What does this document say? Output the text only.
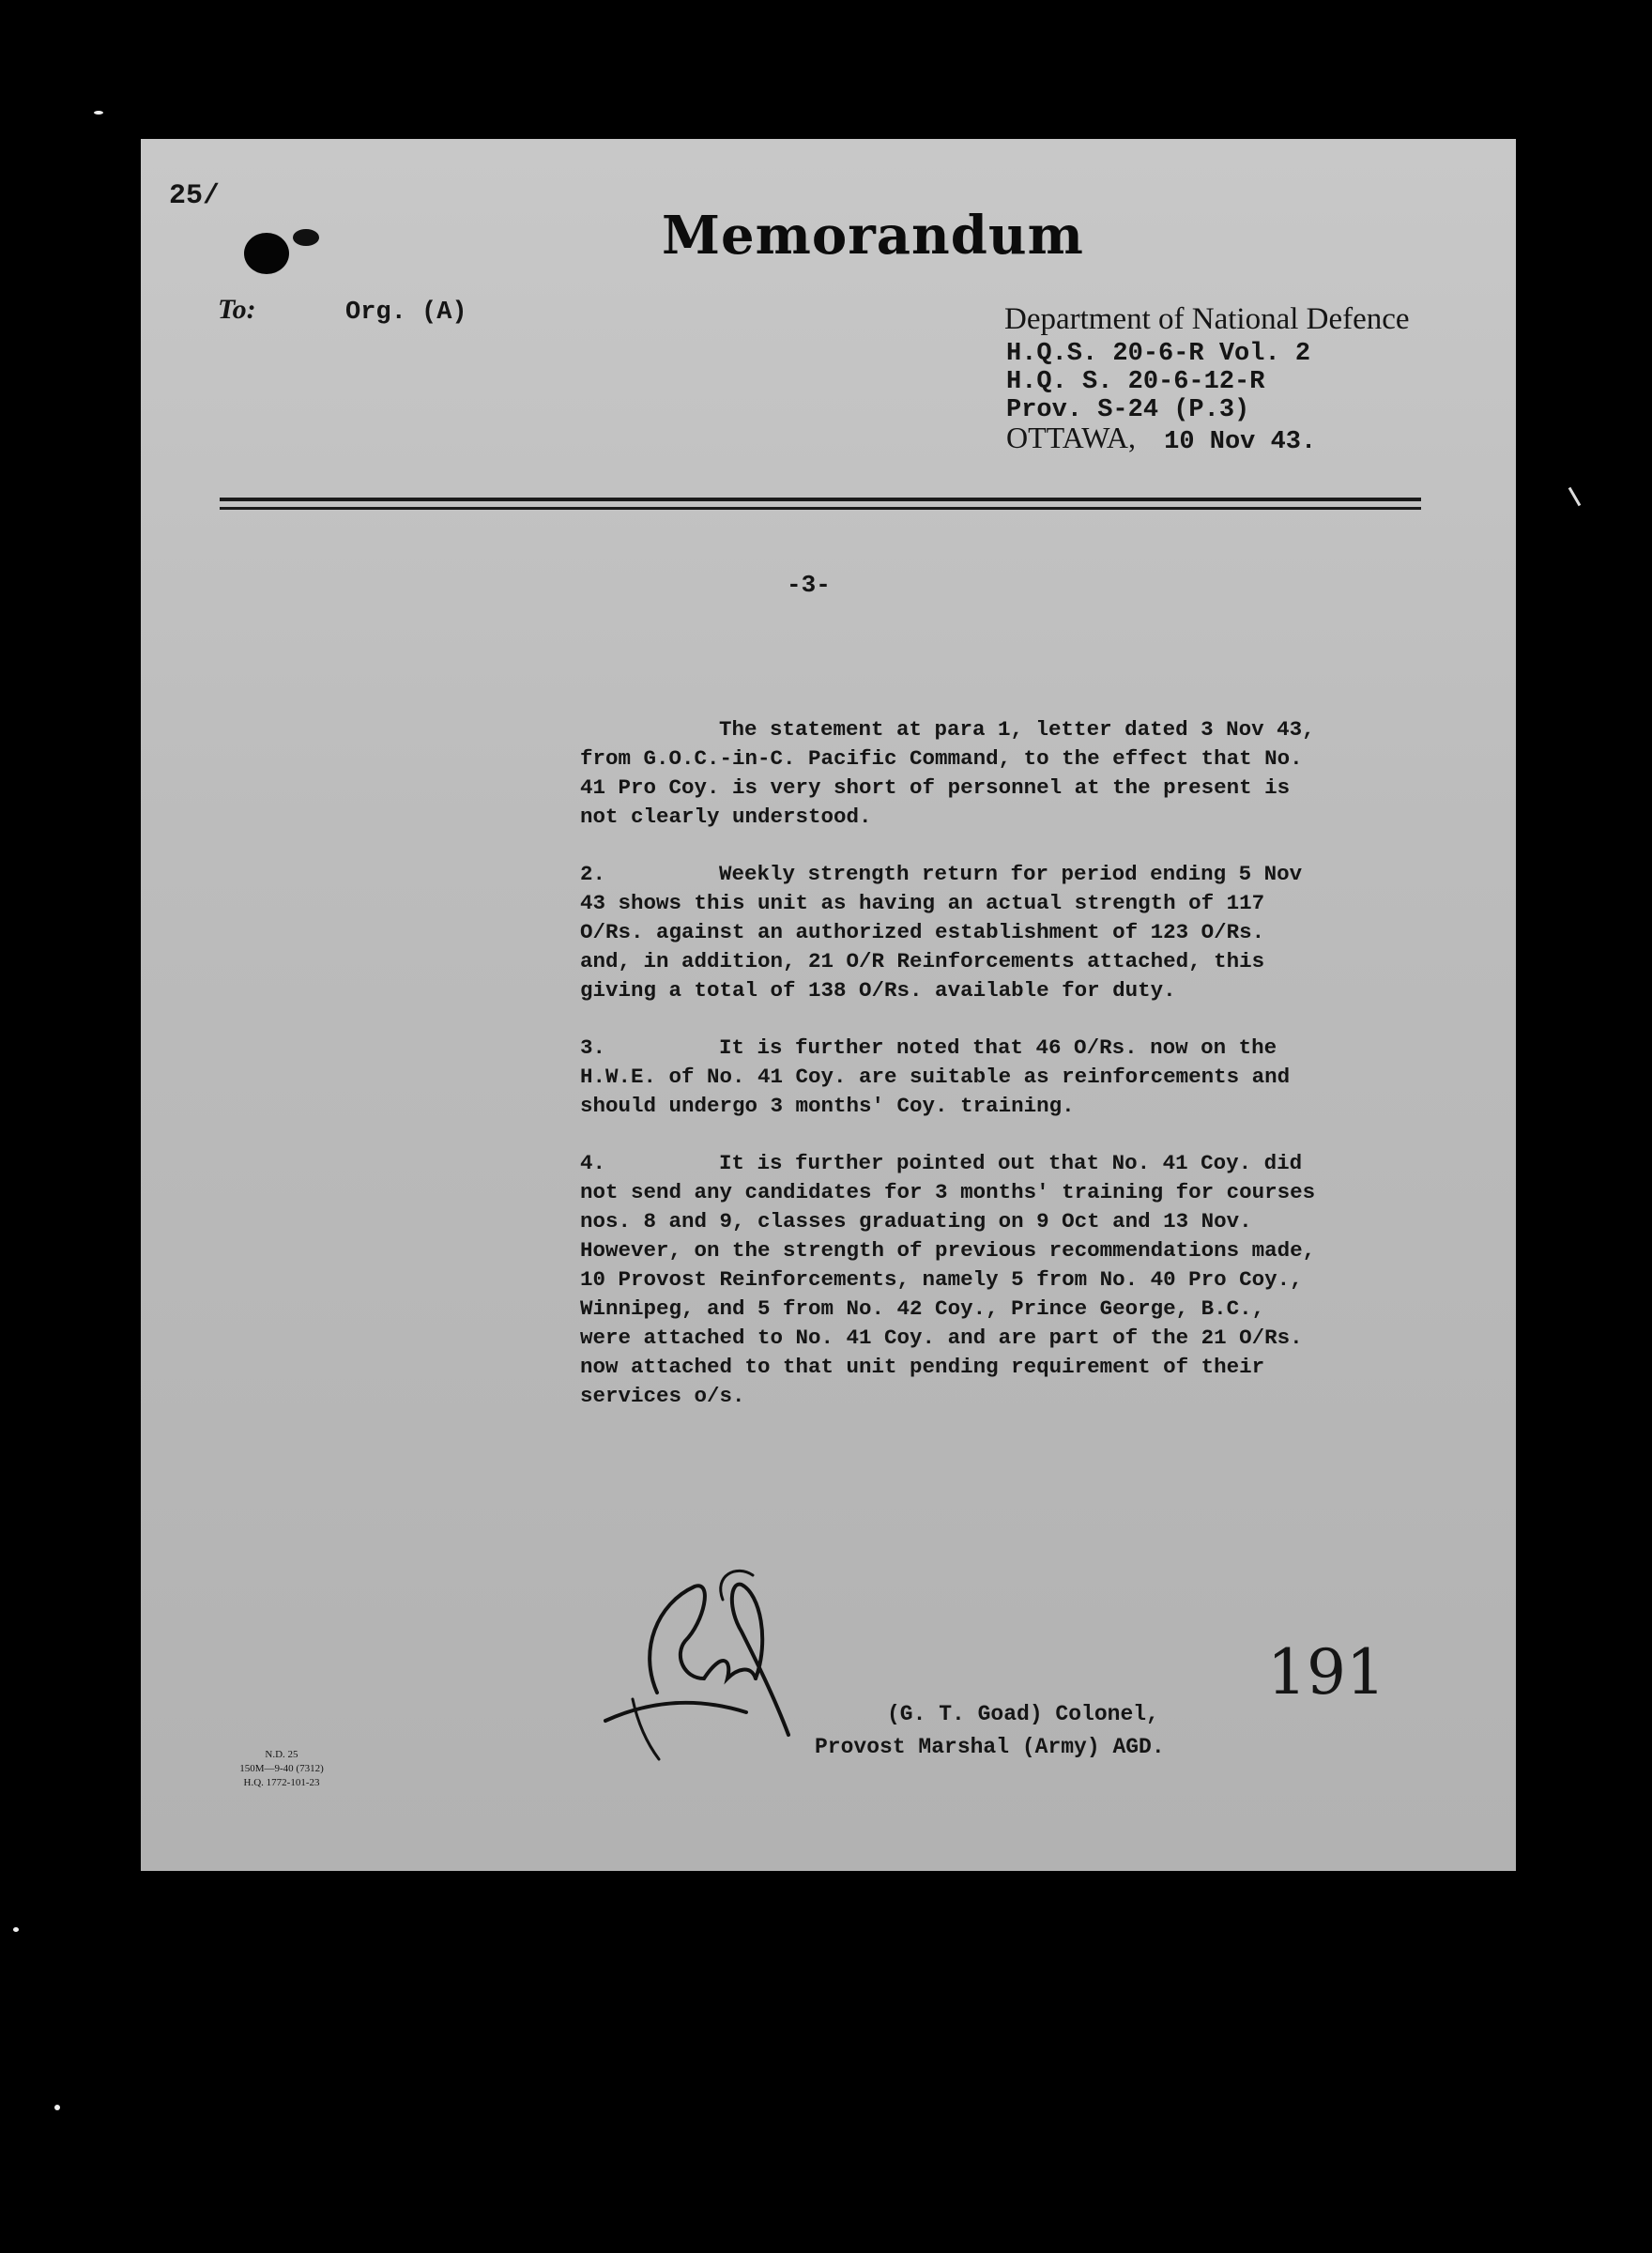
25/
Memorandum
To:	Org. (A)	Department of National Defence
H.Q.S. 20-6-R Vol. 2
H.Q. S. 20-6-12-R
Prov. S-24 (P.3)
OTTAWA, 10 Nov 43.
-3-

The statement at para 1, letter dated 3 Nov 43, from G.O.C.-in-C. Pacific Command, to the effect that No. 41 Pro Coy. is very short of personnel at the present is not clearly understood.

2.	Weekly strength return for period ending 5 Nov 43 shows this unit as having an actual strength of 117 O/Rs. against an authorized establishment of 123 O/Rs. and, in addition, 21 O/R Reinforcements attached, this giving a total of 138 O/Rs. available for duty.

3.	It is further noted that 46 O/Rs. now on the H.W.E. of No. 41 Coy. are suitable as reinforcements and should undergo 3 months' Coy. training.

4.	It is further pointed out that No. 41 Coy. did not send any candidates for 3 months' training for courses nos. 8 and 9, classes graduating on 9 Oct and 13 Nov. However, on the strength of previous recommendations made, 10 Provost Reinforcements, namely 5 from No. 40 Pro Coy., Winnipeg, and 5 from No. 42 Coy., Prince George, B.C., were attached to No. 41 Coy. and are part of the 21 O/Rs. now attached to that unit pending requirement of their services o/s.

(G. T. Goad) Colonel,
Provost Marshal (Army) AGD.
191
N.D. 25
150M—9-40 (7312)
H.Q. 1772-101-23
